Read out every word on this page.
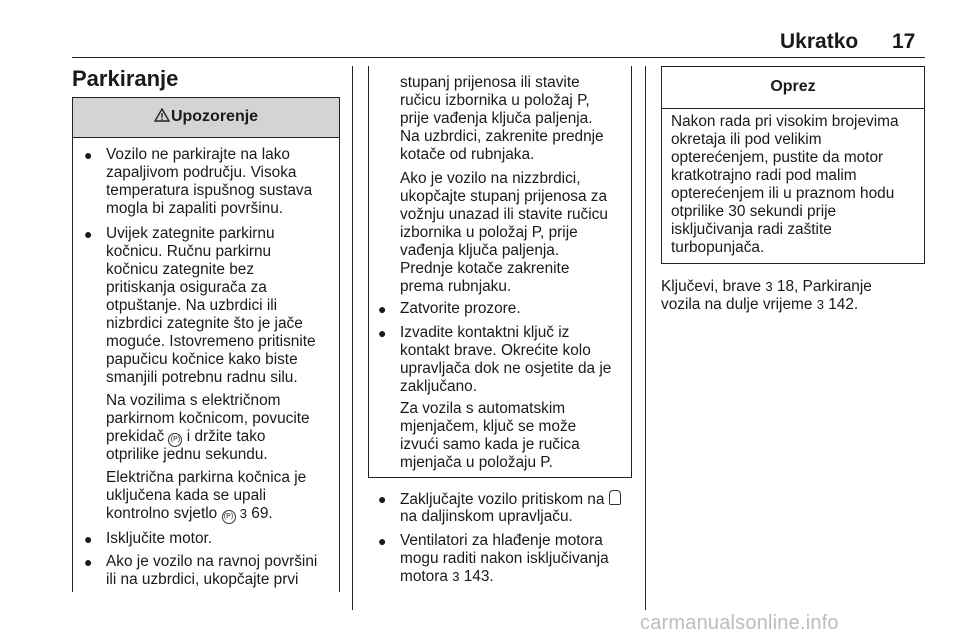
Ukratko 17
Parkiranje
Upozorenje
● Vozilo ne parkirajte na lako
zapaljivom području. Visoka
temperatura ispušnog sustava
mogla bi zapaliti površinu.
● Uvijek zategnite parkirnu
kočnicu. Ručnu parkirnu
kočnicu zategnite bez
pritiskanja osigurača za
otpuštanje. Na uzbrdici ili
nizbrdici zategnite što je jače
moguće. Istovremeno pritisnite
papučicu kočnice kako biste
smanjili potrebnu radnu silu.
Na vozilima s električnom
parkirnom kočnicom, povucite
prekidač (P) i držite tako
otprilike jednu sekundu.
Električna parkirna kočnica je
uključena kada se upali
kontrolno svjetlo (P) 3 69.
● Isključite motor.
● Ako je vozilo na ravnoj površini
ili na uzbrdici, ukopčajte prvi
stupanj prijenosa ili stavite
ručicu izbornika u položaj P,
prije vađenja ključa paljenja.
Na uzbrdici, zakrenite prednje
kotače od rubnjaka.
Ako je vozilo na nizzbrdici,
ukopčajte stupanj prijenosa za
vožnju unazad ili stavite ručicu
izbornika u položaj P, prije
vađenja ključa paljenja.
Prednje kotače zakrenite
prema rubnjaku.
● Zatvorite prozore.
● Izvadite kontaktni ključ iz
kontakt brave. Okrećite kolo
upravljača dok ne osjetite da je
zaključano.
Za vozila s automatskim
mjenjačem, ključ se može
izvući samo kada je ručica
mjenjača u položaju P.
● Zaključajte vozilo pritiskom na
na daljinskom upravljaču.
● Ventilatori za hlađenje motora
mogu raditi nakon isključivanja
motora 3 143.
Oprez
Nakon rada pri visokim brojevima
okretaja ili pod velikim
opterećenjem, pustite da motor
kratkotrajno radi pod malim
opterećenjem ili u praznom hodu
otprilike 30 sekundi prije
isključivanja radi zaštite
turbopunjača.
Ključevi, brave 3 18, Parkiranje
vozila na dulje vrijeme 3 142.
carmanualsonline.info
